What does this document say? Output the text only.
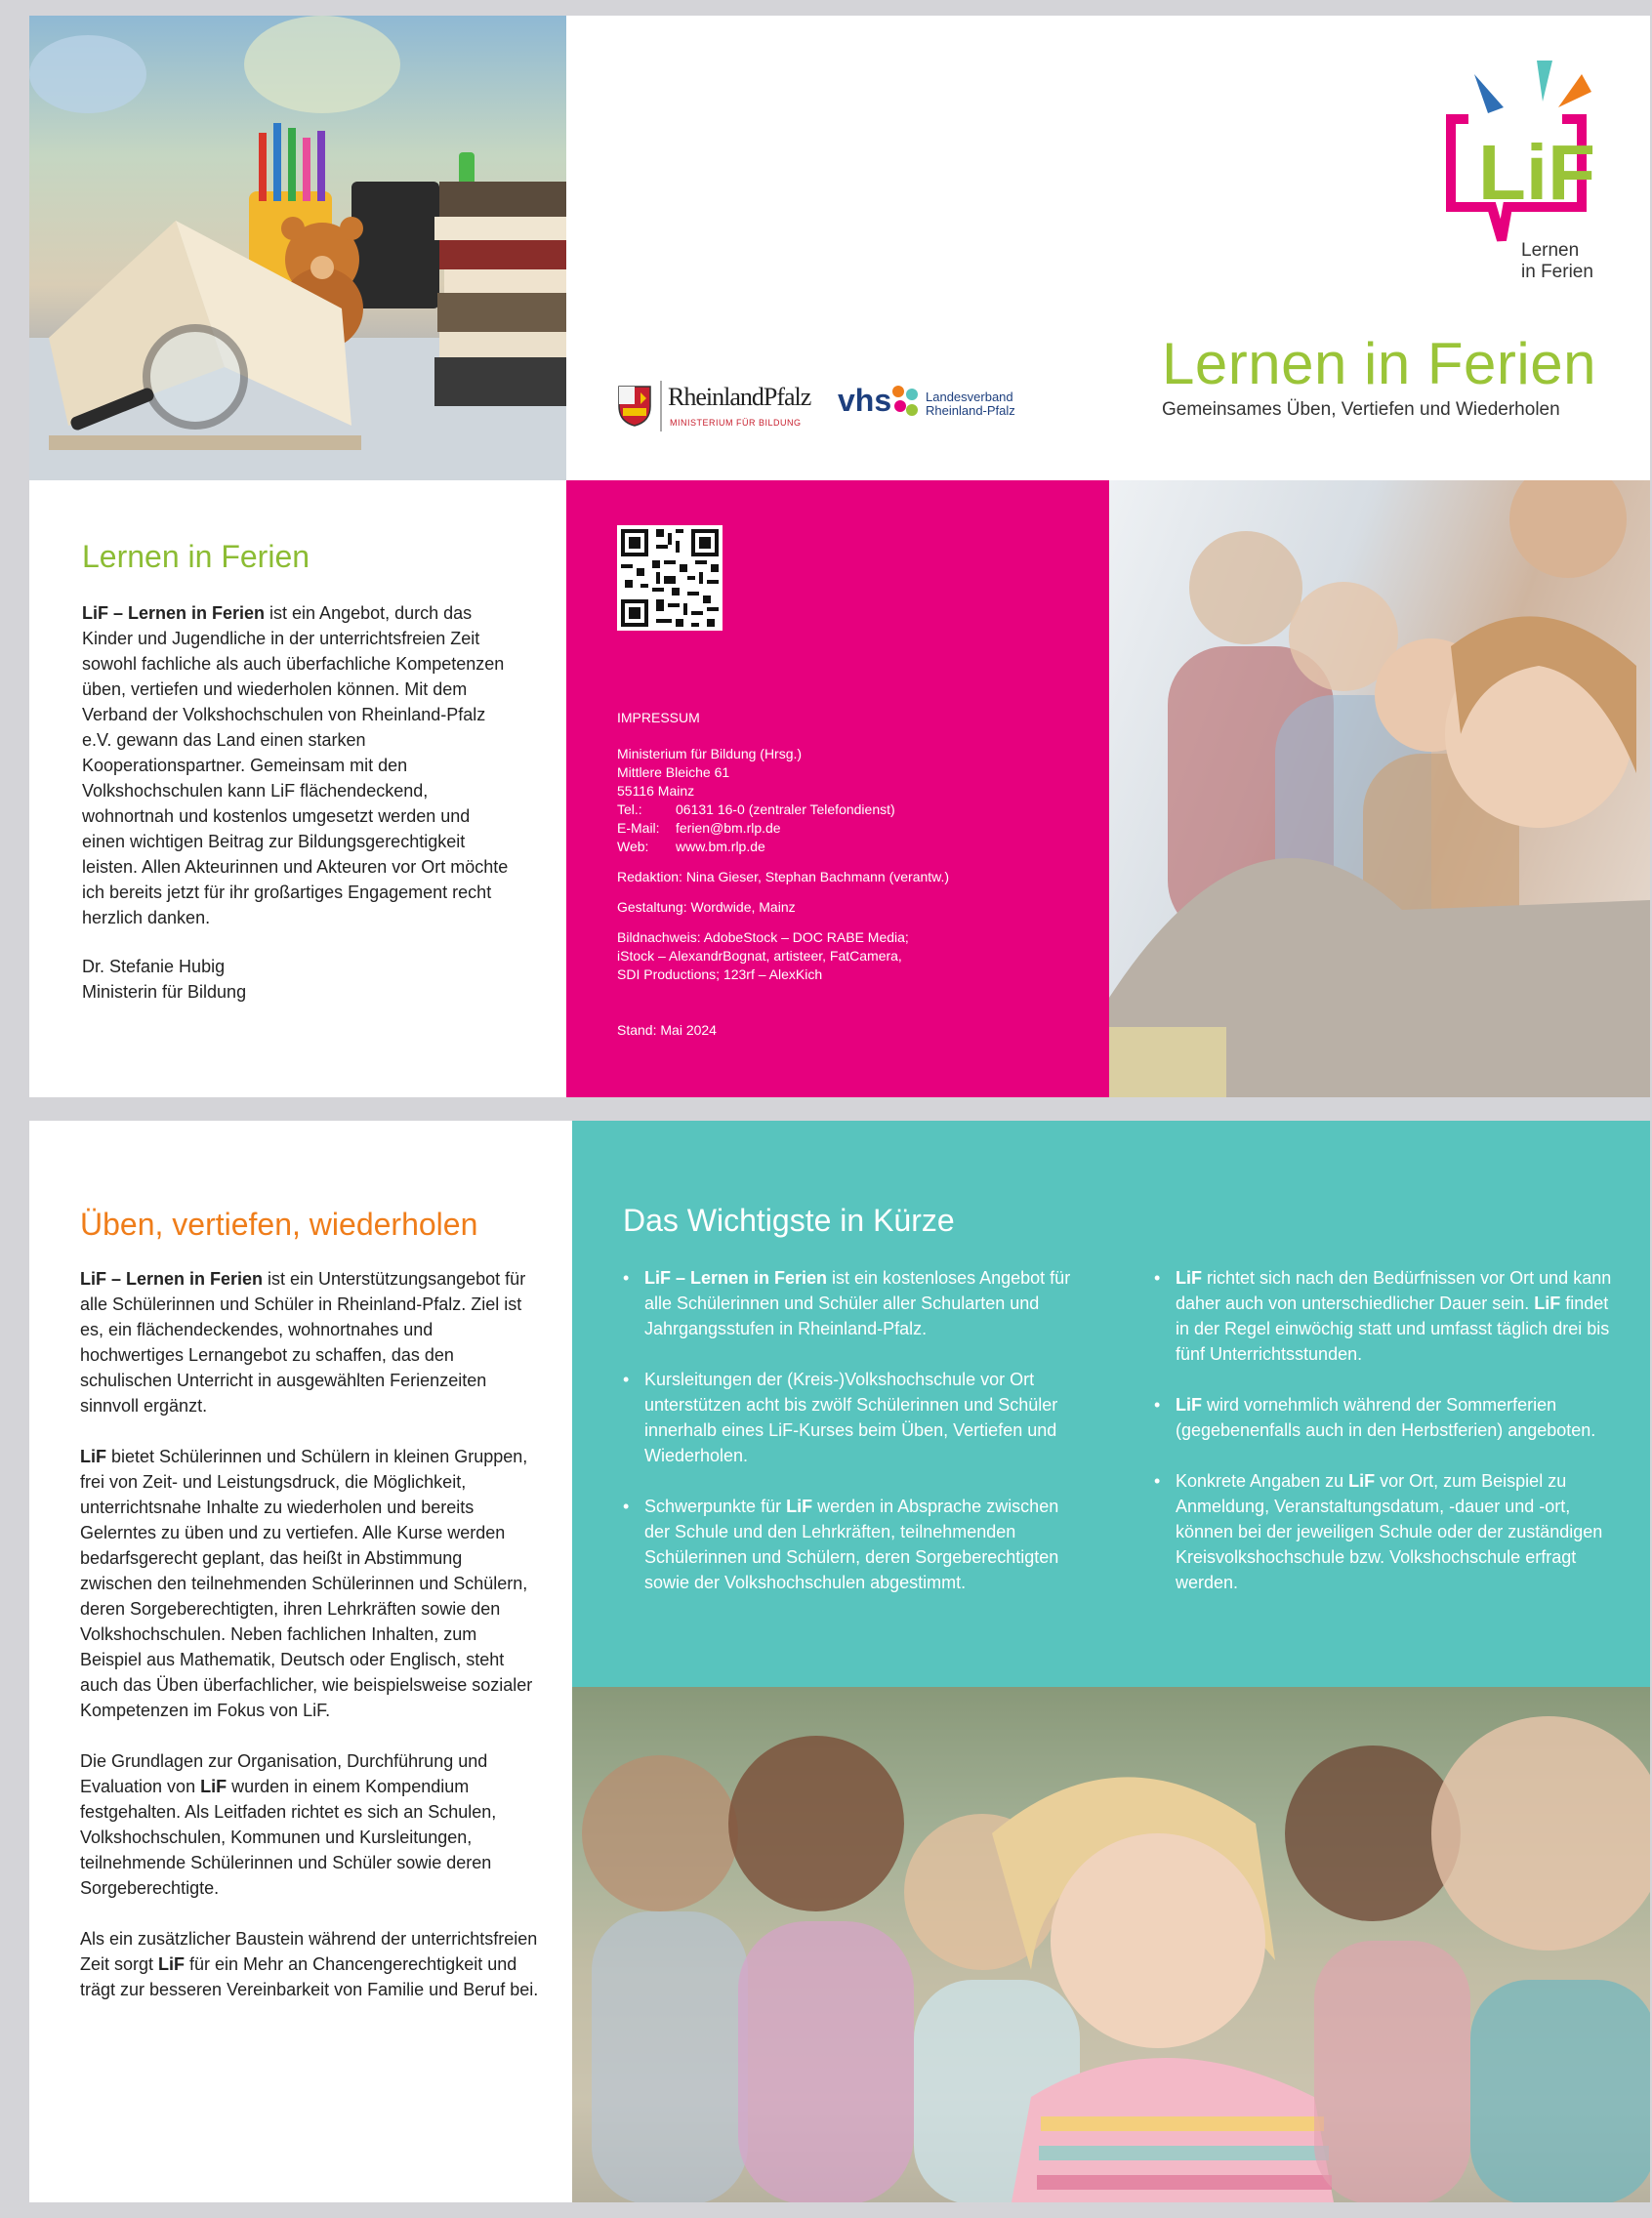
LiF
Lernen
in Ferien
RheinlandPfalz
MINISTERIUM FÜR BILDUNG
vhs	Landesverband
Rheinland-Pfalz
Lernen in Ferien
Gemeinsames Üben, Vertiefen und Wiederholen
Lernen in Ferien

LiF – Lernen in Ferien ist ein Angebot, durch das Kinder und Jugendliche in der unterrichtsfreien Zeit sowohl fachliche als auch überfachliche Kompetenzen üben, vertiefen und wiederholen können. Mit dem Verband der Volkshochschulen von Rheinland-Pfalz e.V. gewann das Land einen starken Kooperationspartner. Gemeinsam mit den Volkshochschulen kann LiF flächendeckend, wohnortnah und kostenlos umgesetzt werden und einen wichtigen Beitrag zur Bildungsgerechtigkeit leisten. Allen Akteurinnen und Akteuren vor Ort möchte ich bereits jetzt für ihr großartiges Engagement recht herzlich danken.

Dr. Stefanie Hubig
Ministerin für Bildung
IMPRESSUM
Ministerium für Bildung (Hrsg.)
Mittlere Bleiche 61
55116 Mainz
Tel.:	06131 16-0 (zentraler Telefondienst)
E-Mail:	ferien@bm.rlp.de
Web:	www.bm.rlp.de
Redaktion: Nina Gieser, Stephan Bachmann (verantw.)
Gestaltung: Wordwide, Mainz
Bildnachweis: AdobeStock – DOC RABE Media;
iStock – AlexandrBognat, artisteer, FatCamera,
SDI Productions; 123rf – AlexKich
Stand: Mai 2024
Üben, vertiefen, wiederholen

LiF – Lernen in Ferien ist ein Unterstützungsangebot für alle Schülerinnen und Schüler in Rheinland-Pfalz. Ziel ist es, ein flächendeckendes, wohnortnahes und hochwertiges Lernangebot zu schaffen, das den schulischen Unterricht in ausgewählten Ferienzeiten sinnvoll ergänzt.

LiF bietet Schülerinnen und Schülern in kleinen Gruppen, frei von Zeit- und Leistungsdruck, die Möglichkeit, unterrichtsnahe Inhalte zu wiederholen und bereits Gelerntes zu üben und zu vertiefen. Alle Kurse werden bedarfsgerecht geplant, das heißt in Abstimmung zwischen den teilnehmenden Schülerinnen und Schülern, deren Sorgeberechtigten, ihren Lehrkräften sowie den Volkshochschulen. Neben fachlichen Inhalten, zum Beispiel aus Mathematik, Deutsch oder Englisch, steht auch das Üben überfachlicher, wie beispielsweise sozialer Kompetenzen im Fokus von LiF.

Die Grundlagen zur Organisation, Durchführung und Evaluation von LiF wurden in einem Kompendium festgehalten. Als Leitfaden richtet es sich an Schulen, Volkshochschulen, Kommunen und Kursleitungen, teilnehmende Schülerinnen und Schüler sowie deren Sorgeberechtigte.

Als ein zusätzlicher Baustein während der unterrichtsfreien Zeit sorgt LiF für ein Mehr an Chancengerechtigkeit und trägt zur besseren Vereinbarkeit von Familie und Beruf bei.

Das Wichtigste in Kürze
• LiF – Lernen in Ferien ist ein kostenloses Angebot für alle Schülerinnen und Schüler aller Schularten und Jahrgangsstufen in Rheinland-Pfalz.
• Kursleitungen der (Kreis-)Volkshochschule vor Ort unterstützen acht bis zwölf Schülerinnen und Schüler innerhalb eines LiF-Kurses beim Üben, Vertiefen und Wiederholen.
• Schwerpunkte für LiF werden in Absprache zwischen der Schule und den Lehrkräften, teilnehmenden Schülerinnen und Schülern, deren Sorgeberechtigten sowie der Volkshochschulen abgestimmt.
• LiF richtet sich nach den Bedürfnissen vor Ort und kann daher auch von unterschiedlicher Dauer sein. LiF findet in der Regel einwöchig statt und umfasst täglich drei bis fünf Unterrichtsstunden.
• LiF wird vornehmlich während der Sommerferien (gegebenenfalls auch in den Herbstferien) angeboten.
• Konkrete Angaben zu LiF vor Ort, zum Beispiel zu Anmeldung, Veranstaltungsdatum, -dauer und -ort, können bei der jeweiligen Schule oder der zuständigen Kreisvolkshochschule bzw. Volkshochschule erfragt werden.
